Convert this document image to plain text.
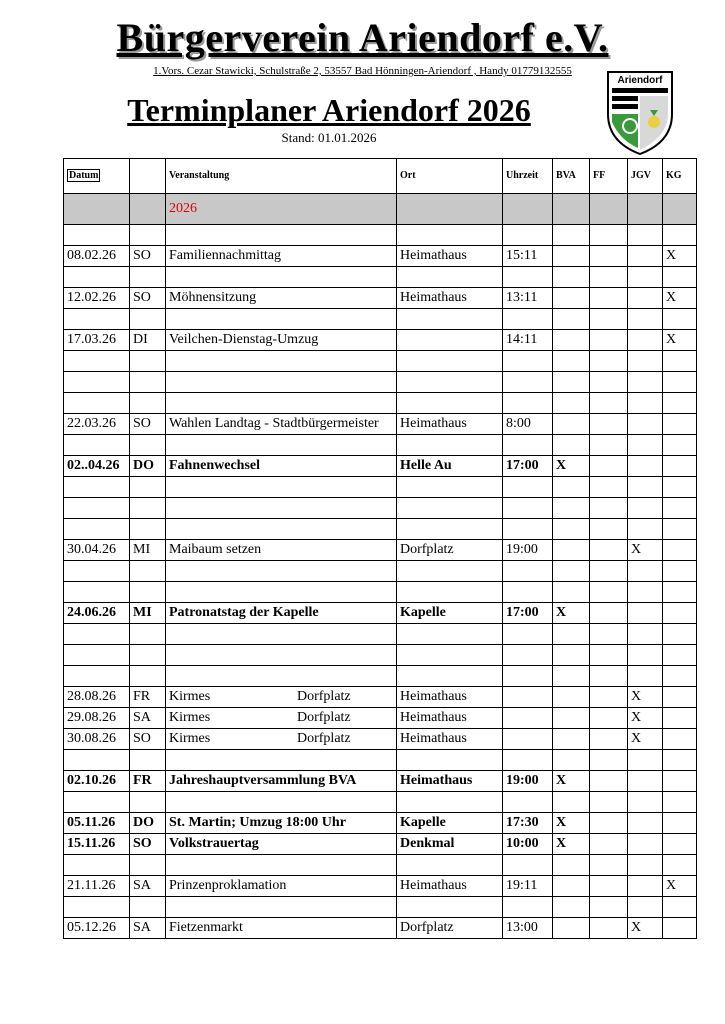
Bürgerverein Ariendorf e.V.
1.Vors. Cezar Stawicki, Schulstraße 2, 53557 Bad Hönningen-Ariendorf , Handy 01779132555
Terminplaner Ariendorf 2026
Stand: 01.01.2026
Ariendorf
Datum		Veranstaltung	Ort	Uhrzeit	BVA	FF	JGV	KG
		2026						

08.02.26	SO	Familiennachmittag	Heimathaus	15:11				X

12.02.26	SO	Möhnensitzung	Heimathaus	13:11				X

17.03.26	DI	Veilchen-Dienstag-Umzug		14:11				X

22.03.26	SO	Wahlen Landtag - Stadtbürgermeister	Heimathaus	8:00				

02..04.26	DO	Fahnenwechsel	Helle Au	17:00	X			

30.04.26	MI	Maibaum setzen	Dorfplatz	19:00			X	

24.06.26	MI	Patronatstag der Kapelle	Kapelle	17:00	X			

28.08.26	FR	Kirmes Dorfplatz	Heimathaus				X	
29.08.26	SA	Kirmes Dorfplatz	Heimathaus				X	
30.08.26	SO	Kirmes Dorfplatz	Heimathaus				X	

02.10.26	FR	Jahreshauptversammlung BVA	Heimathaus	19:00	X			

05.11.26	DO	St. Martin; Umzug 18:00 Uhr	Kapelle	17:30	X			
15.11.26	SO	Volkstrauertag	Denkmal	10:00	X			

21.11.26	SA	Prinzenproklamation	Heimathaus	19:11				X

05.12.26	SA	Fietzenmarkt	Dorfplatz	13:00			X	
